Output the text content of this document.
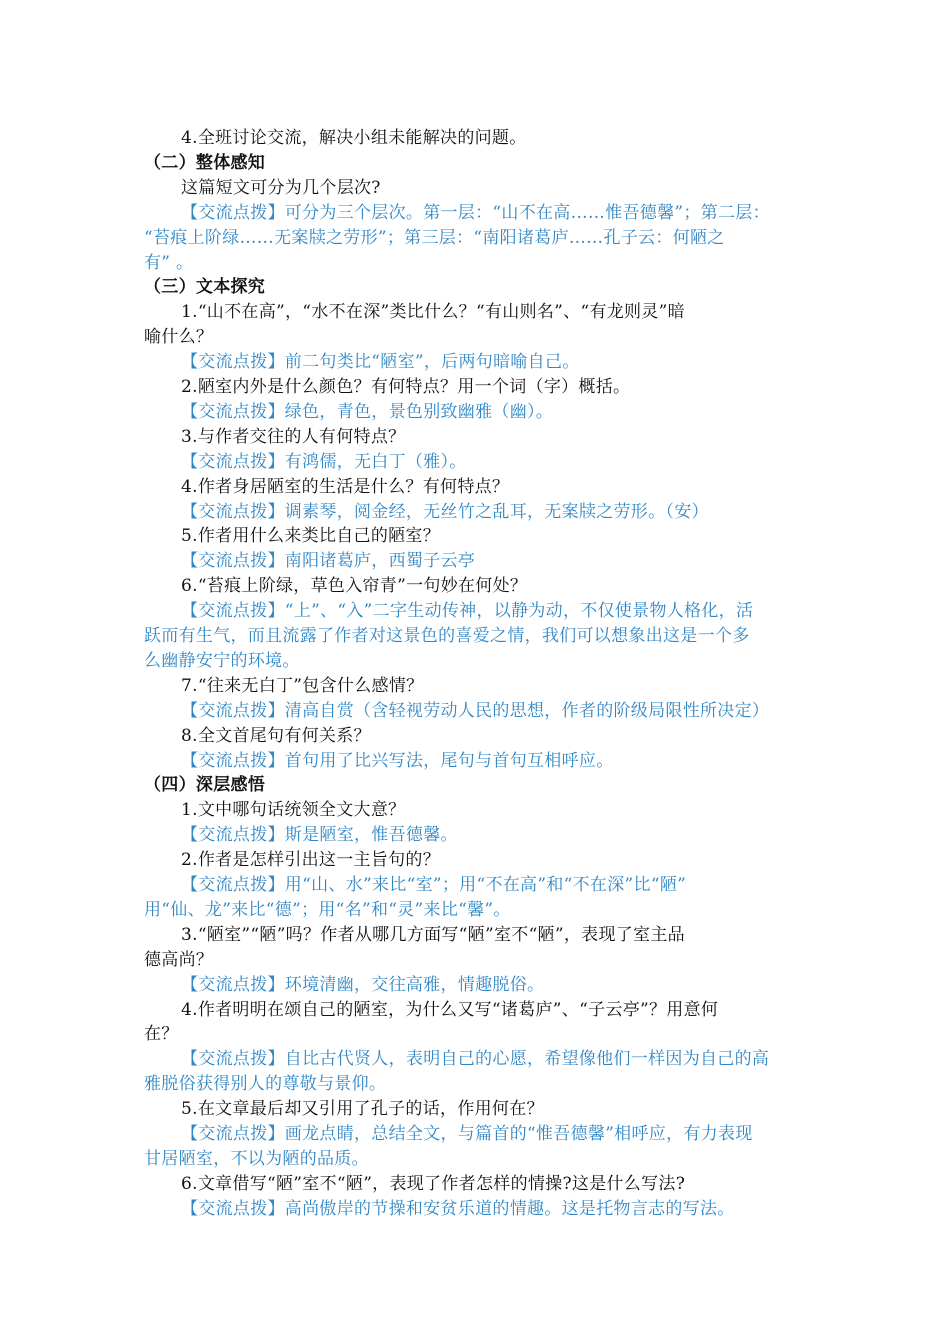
4.全班讨论交流，解决小组未能解决的问题。
（二）整体感知
这篇短文可分为几个层次?
【交流点拨】可分为三个层次。第一层：“山不在高……惟吾德馨”；第二层：
“苔痕上阶绿……无案牍之劳形”；第三层：“南阳诸葛庐……孔子云：何陋之
有” 。
（三）文本探究
1.“山不在高”，“水不在深”类比什么？“有山则名”、“有龙则灵”暗
喻什么？
【交流点拨】前二句类比“陋室”，后两句暗喻自己。
2.陋室内外是什么颜色？有何特点？用一个词（字）概括。
【交流点拨】绿色，青色，景色别致幽雅（幽）。
3.与作者交往的人有何特点？
【交流点拨】有鸿儒，无白丁（雅）。
4.作者身居陋室的生活是什么？有何特点？
【交流点拨】调素琴，阅金经，无丝竹之乱耳，无案牍之劳形。（安）
5.作者用什么来类比自己的陋室？
【交流点拨】南阳诸葛庐，西蜀子云亭
6.“苔痕上阶绿，草色入帘青”一句妙在何处？
【交流点拨】“上”、“入”二字生动传神，以静为动，不仅使景物人格化，活
跃而有生气，而且流露了作者对这景色的喜爱之情，我们可以想象出这是一个多
么幽静安宁的环境。
7.“往来无白丁”包含什么感情？
【交流点拨】清高自赏（含轻视劳动人民的思想，作者的阶级局限性所决定）
8.全文首尾句有何关系？
【交流点拨】首句用了比兴写法，尾句与首句互相呼应。
（四）深层感悟
1.文中哪句话统领全文大意？
【交流点拨】斯是陋室，惟吾德馨。
2.作者是怎样引出这一主旨句的？
【交流点拨】用“山、水”来比“室”；用“不在高”和“不在深”比“陋”
用“仙、龙”来比“德”；用“名”和“灵”来比“馨”。
3.“陋室”“陋”吗？作者从哪几方面写“陋”室不“陋”，表现了室主品
德高尚？
【交流点拨】环境清幽，交往高雅，情趣脱俗。
4.作者明明在颂自己的陋室，为什么又写“诸葛庐”、“子云亭”？用意何
在？
【交流点拨】自比古代贤人，表明自己的心愿，希望像他们一样因为自己的高
雅脱俗获得别人的尊敬与景仰。
5.在文章最后却又引用了孔子的话，作用何在？
【交流点拨】画龙点睛，总结全文，与篇首的“惟吾德馨”相呼应，有力表现
甘居陋室，不以为陋的品质。
6.文章借写“陋”室不“陋”，表现了作者怎样的情操?这是什么写法?
【交流点拨】高尚傲岸的节操和安贫乐道的情趣。这是托物言志的写法。
